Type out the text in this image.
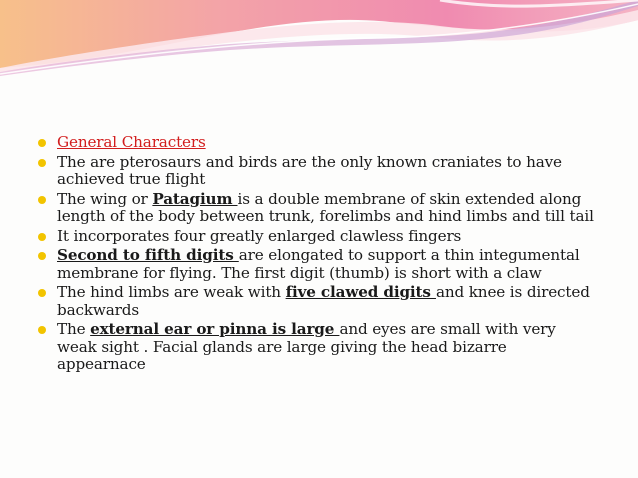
General Characters
The are pterosaurs and birds are the only known craniates to have achieved true flight
The wing or Patagium is a double membrane of skin extended along length of the body between trunk, forelimbs and hind limbs and till tail
It incorporates four greatly enlarged clawless fingers
Second to fifth digits are elongated to support a thin integumental membrane for flying. The first digit (thumb) is short with a claw
The hind limbs are weak with five clawed digits and knee is directed backwards
The external ear or pinna is large and eyes are small with very weak sight . Facial glands are large giving the head bizarre appearnace
